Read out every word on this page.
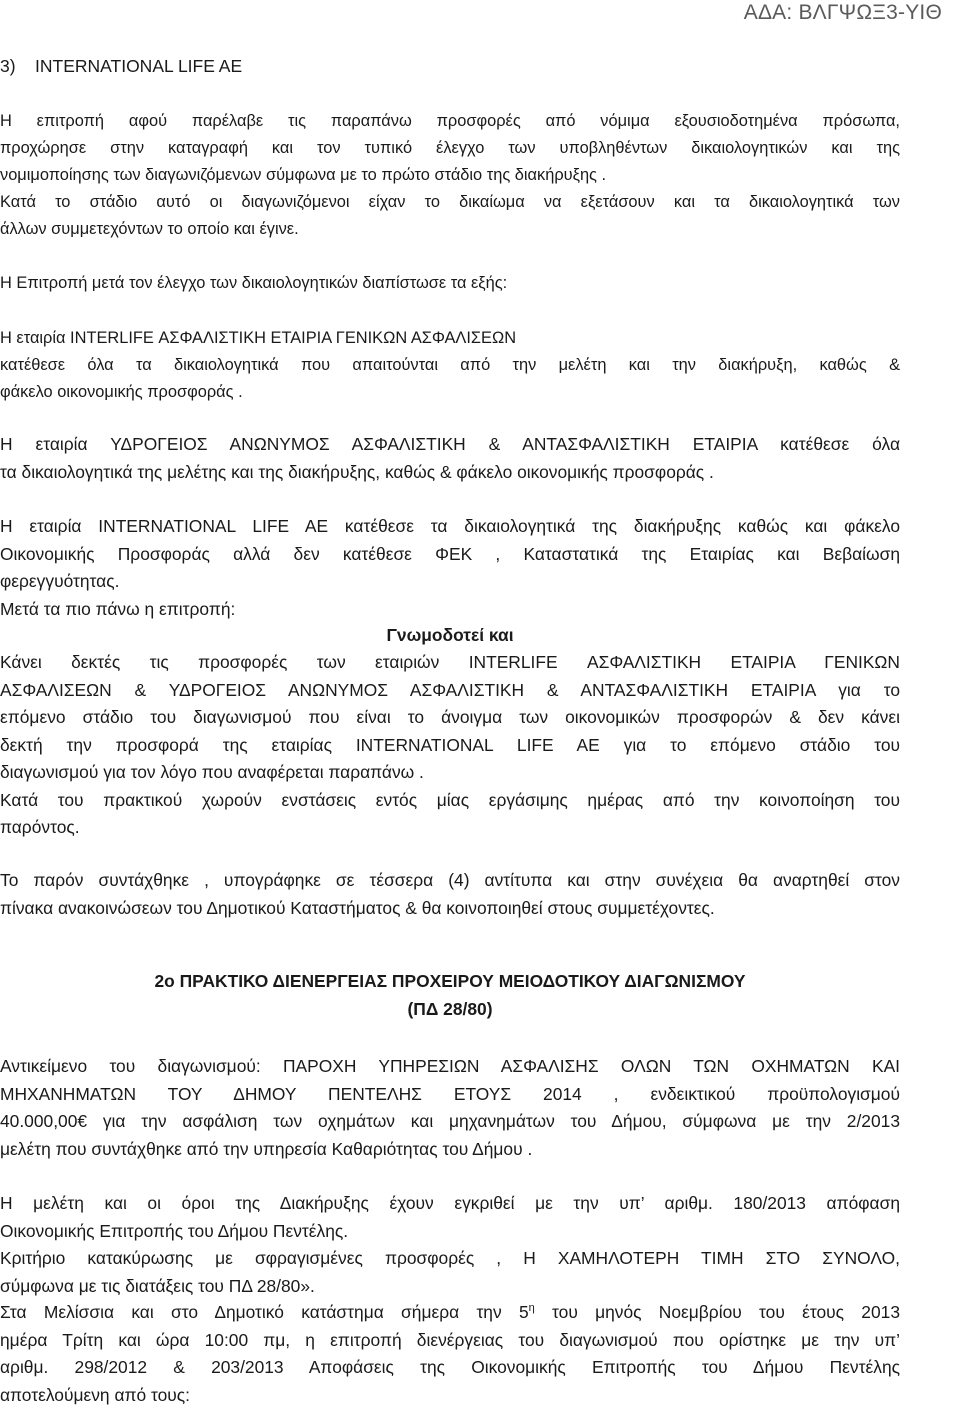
ΑΔΑ: ΒΛΓΨΩΞ3-ΥΙΘ
3)    INTERNATIONAL LIFE AE
Η επιτροπή αφού παρέλαβε τις παραπάνω προσφορές από νόμιμα εξουσιοδοτημένα πρόσωπα,
προχώρησε στην καταγραφή και τον τυπικό έλεγχο των υποβληθέντων δικαιολογητικών και της
νομιμοποίησης των διαγωνιζόμενων σύμφωνα με το πρώτο στάδιο της διακήρυξης .
Κατά το στάδιο αυτό οι διαγωνιζόμενοι είχαν το δικαίωμα να εξετάσουν και τα δικαιολογητικά των
άλλων συμμετεχόντων το οποίο και έγινε.
Η Επιτροπή μετά τον έλεγχο των δικαιολογητικών διαπίστωσε τα εξής:
Η εταιρία INTERLIFE ΑΣΦΑΛΙΣΤΙΚΗ ΕΤΑΙΡΙΑ ΓΕΝΙΚΩΝ ΑΣΦΑΛΙΣΕΩΝ
κατέθεσε όλα τα δικαιολογητικά που απαιτούνται από την μελέτη και την διακήρυξη, καθώς &
φάκελο οικονομικής προσφοράς .
Η εταιρία ΥΔΡΟΓΕΙΟΣ ΑΝΩΝΥΜΟΣ ΑΣΦΑΛΙΣΤΙΚΗ & ΑΝΤΑΣΦΑΛΙΣΤΙΚΗ ΕΤΑΙΡΙΑ κατέθεσε όλα
τα δικαιολογητικά της μελέτης και της διακήρυξης, καθώς & φάκελο οικονομικής προσφοράς .
Η εταιρία INTERNATIONAL LIFE AE κατέθεσε τα δικαιολογητικά της διακήρυξης καθώς και φάκελο
Οικονομικής Προσφοράς αλλά δεν κατέθεσε ΦΕΚ , Καταστατικά της Εταιρίας και Βεβαίωση
φερεγγυότητας.
Μετά τα πιο πάνω η επιτροπή:
Γνωμοδοτεί και
Κάνει δεκτές τις προσφορές των εταιριών INTERLIFE ΑΣΦΑΛΙΣΤΙΚΗ ΕΤΑΙΡΙΑ ΓΕΝΙΚΩΝ
ΑΣΦΑΛΙΣΕΩΝ & ΥΔΡΟΓΕΙΟΣ ΑΝΩΝΥΜΟΣ ΑΣΦΑΛΙΣΤΙΚΗ & ΑΝΤΑΣΦΑΛΙΣΤΙΚΗ ΕΤΑΙΡΙΑ για το
επόμενο στάδιο του διαγωνισμού που είναι το άνοιγμα των οικονομικών προσφορών & δεν κάνει
δεκτή την προσφορά της εταιρίας INTERNATIONAL LIFE AE για το επόμενο στάδιο του
διαγωνισμού για τον λόγο που αναφέρεται παραπάνω .
Κατά του πρακτικού χωρούν ενστάσεις εντός μίας εργάσιμης ημέρας από την κοινοποίηση του
παρόντος.
Το παρόν συντάχθηκε , υπογράφηκε σε τέσσερα (4) αντίτυπα και στην συνέχεια θα αναρτηθεί στον
πίνακα ανακοινώσεων του Δημοτικού Καταστήματος & θα κοινοποιηθεί στους συμμετέχοντες.
2ο ΠΡΑΚΤΙΚΟ ΔΙΕΝΕΡΓΕΙΑΣ ΠΡΟΧΕΙΡΟΥ ΜΕΙΟΔΟΤΙΚΟΥ ΔΙΑΓΩΝΙΣΜΟΥ
(ΠΔ 28/80)
Αντικείμενο του διαγωνισμού: ΠΑΡΟΧΗ ΥΠΗΡΕΣΙΩΝ ΑΣΦΑΛΙΣΗΣ ΟΛΩΝ ΤΩΝ ΟΧΗΜΑΤΩΝ ΚΑΙ
ΜΗΧΑΝΗΜΑΤΩΝ ΤΟΥ ΔΗΜΟΥ ΠΕΝΤΕΛΗΣ ΕΤΟΥΣ 2014 , ενδεικτικού προϋπολογισμού
40.000,00€ για την ασφάλιση των οχημάτων και μηχανημάτων του Δήμου, σύμφωνα με την 2/2013
μελέτη που συντάχθηκε από την υπηρεσία Καθαριότητας του Δήμου .
Η μελέτη και οι όροι της Διακήρυξης έχουν εγκριθεί με την υπ’ αριθμ. 180/2013 απόφαση
Οικονομικής Επιτροπής του Δήμου Πεντέλης.
Κριτήριο κατακύρωσης με σφραγισμένες προσφορές , Η ΧΑΜΗΛΟΤΕΡΗ ΤΙΜΗ ΣΤΟ ΣΥΝΟΛΟ,
σύμφωνα με τις διατάξεις του ΠΔ 28/80».
Στα Μελίσσια και στο Δημοτικό κατάστημα σήμερα την $5^\eta$ του μηνός Νοεμβρίου του έτους 2013
ημέρα Τρίτη και ώρα 10:00 πμ, η επιτροπή διενέργειας του διαγωνισμού που ορίστηκε με την υπ’
αριθμ. 298/2012 & 203/2013 Αποφάσεις της Οικονομικής Επιτροπής του Δήμου Πεντέλης
αποτελούμενη από τους:
